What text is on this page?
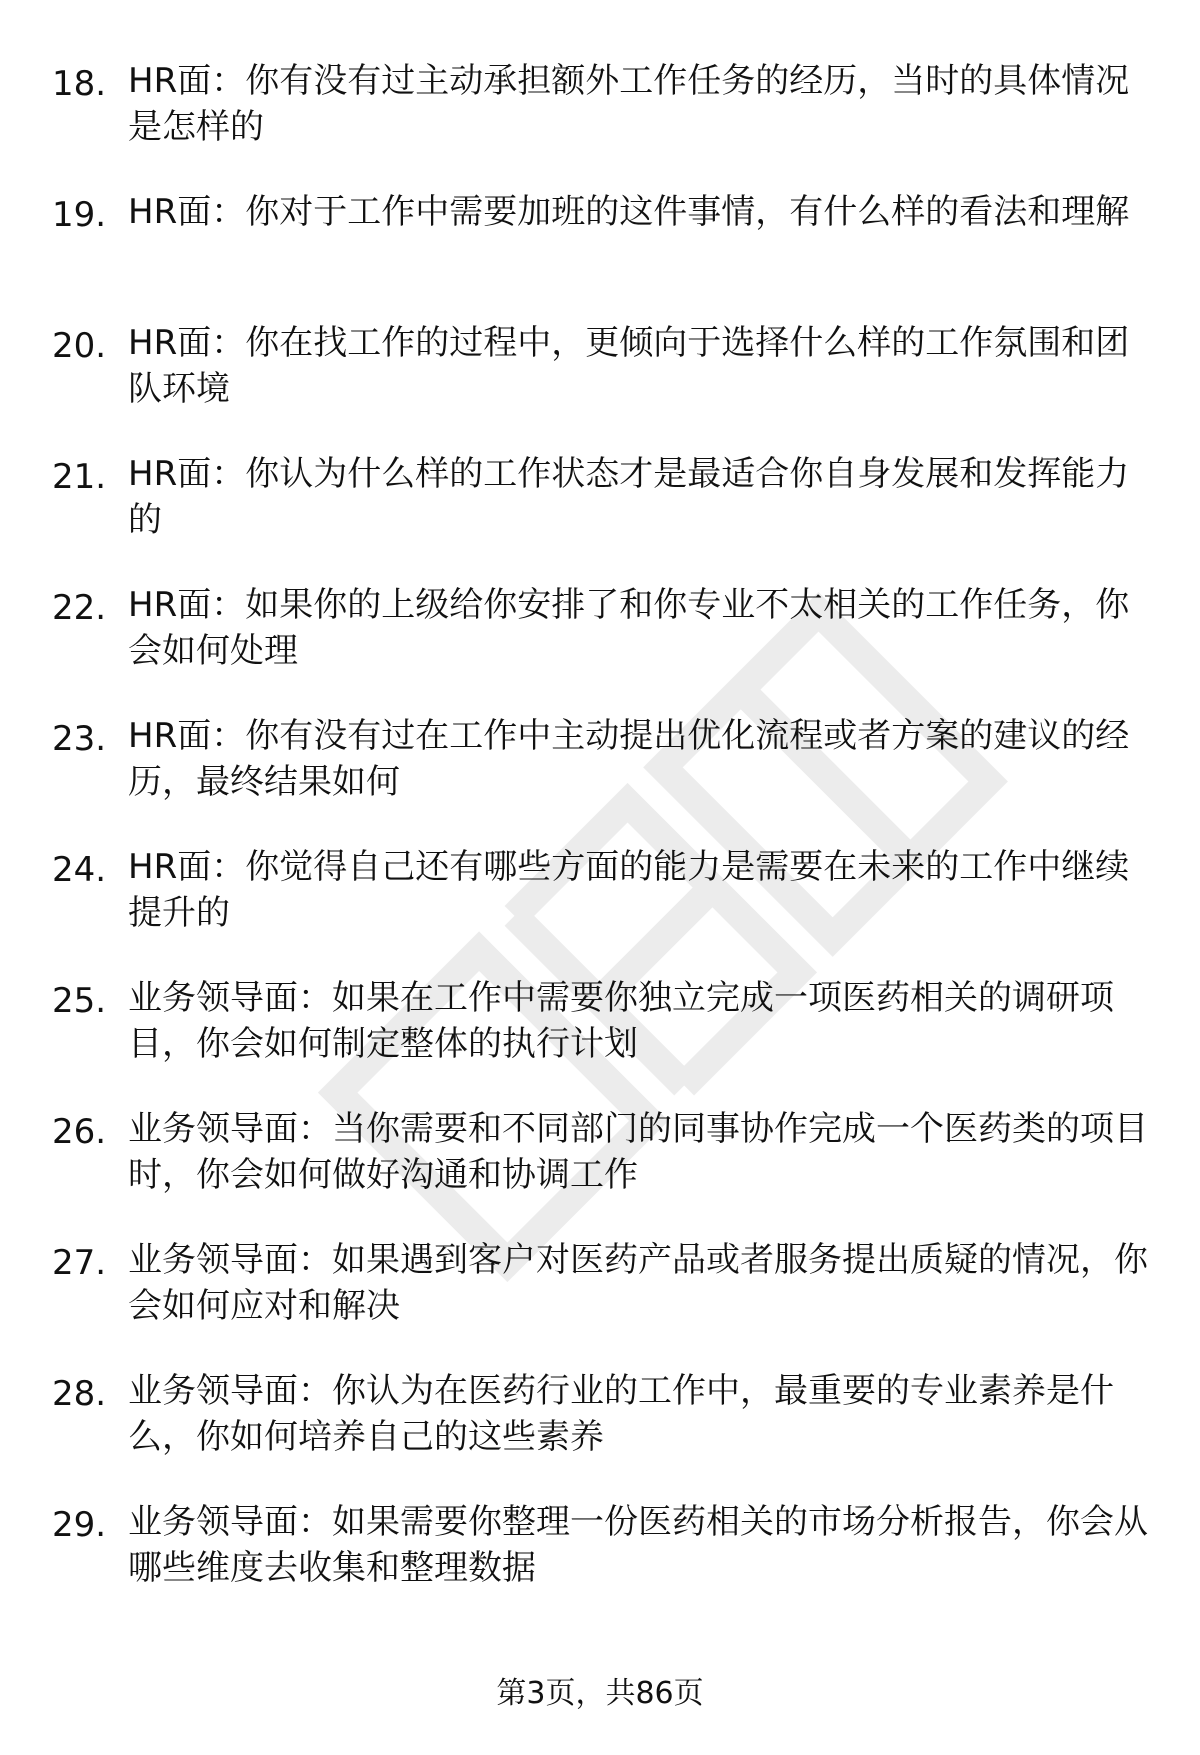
18. HR面：你有没有过主动承担额外工作任务的经历，当时的具体情况是怎样的
19. HR面：你对于工作中需要加班的这件事情，有什么样的看法和理解
20. HR面：你在找工作的过程中，更倾向于选择什么样的工作氛围和团队环境
21. HR面：你认为什么样的工作状态才是最适合你自身发展和发挥能力的
22. HR面：如果你的上级给你安排了和你专业不太相关的工作任务，你会如何处理
23. HR面：你有没有过在工作中主动提出优化流程或者方案的建议的经历，最终结果如何
24. HR面：你觉得自己还有哪些方面的能力是需要在未来的工作中继续提升的
25. 业务领导面：如果在工作中需要你独立完成一项医药相关的调研项目，你会如何制定整体的执行计划
26. 业务领导面：当你需要和不同部门的同事协作完成一个医药类的项目时，你会如何做好沟通和协调工作
27. 业务领导面：如果遇到客户对医药产品或者服务提出质疑的情况，你会如何应对和解决
28. 业务领导面：你认为在医药行业的工作中，最重要的专业素养是什么，你如何培养自己的这些素养
29. 业务领导面：如果需要你整理一份医药相关的市场分析报告，你会从哪些维度去收集和整理数据
第3页，共86页
